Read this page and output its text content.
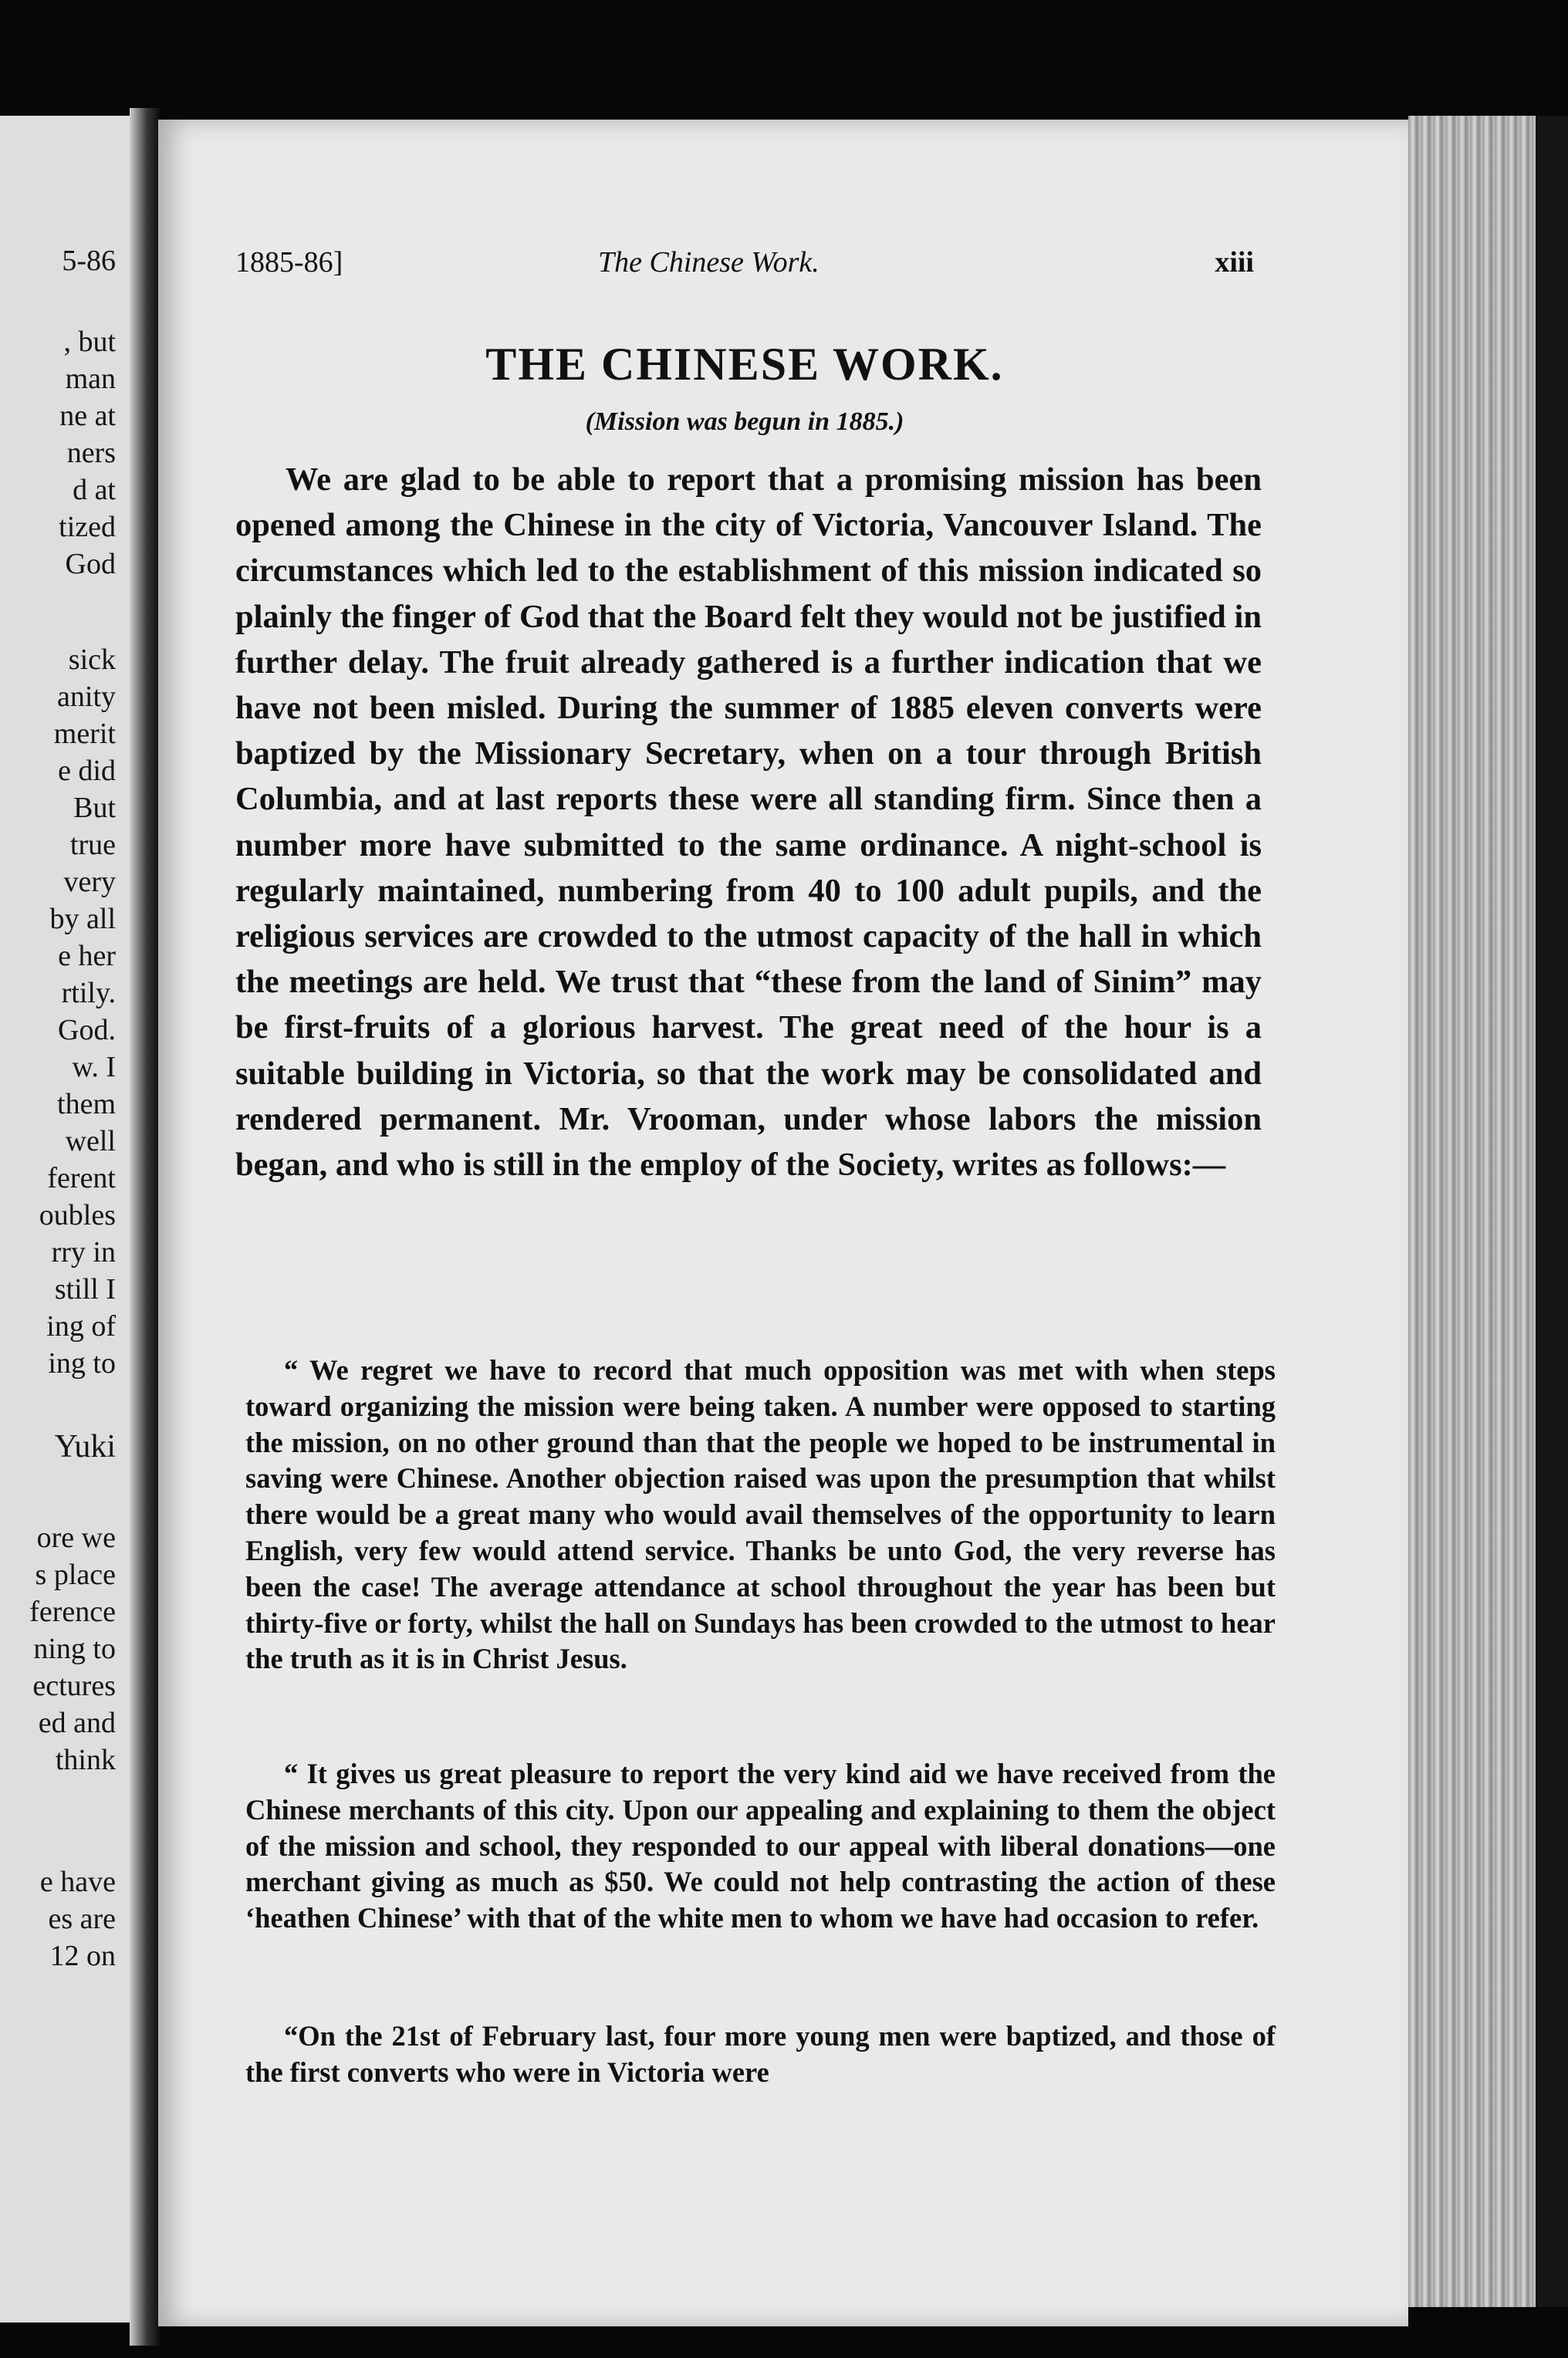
5-86
, but
man
ne at
ners
d at
tized
God
sick
anity
merit
e did
But
true
very
by all
e her
rtily.
God.
w. I
them
well
ferent
oubles
rry in
still I
ing of
ing to
Yuki
ore we
s place
ference
ning to
ectures
ed and
think
e have
es are
12 on
1885-86]	The Chinese Work.	xiii
THE CHINESE WORK.
(Mission was begun in 1885.)

We are glad to be able to report that a promising mission has been opened among the Chinese in the city of Victoria, Vancouver Island. The circumstances which led to the establishment of this mission indicated so plainly the finger of God that the Board felt they would not be justified in further delay. The fruit already gathered is a further indication that we have not been misled. During the summer of 1885 eleven converts were baptized by the Missionary Secretary, when on a tour through British Columbia, and at last reports these were all standing firm. Since then a number more have submitted to the same ordinance. A night-school is regularly maintained, numbering from 40 to 100 adult pupils, and the religious services are crowded to the utmost capacity of the hall in which the meetings are held. We trust that “these from the land of Sinim” may be first-fruits of a glorious harvest. The great need of the hour is a suitable building in Victoria, so that the work may be consolidated and rendered permanent. Mr. Vrooman, under whose labors the mission began, and who is still in the employ of the Society, writes as follows:—

“ We regret we have to record that much opposition was met with when steps toward organizing the mission were being taken. A number were opposed to starting the mission, on no other ground than that the people we hoped to be instrumental in saving were Chinese. Another objection raised was upon the presumption that whilst there would be a great many who would avail themselves of the opportunity to learn English, very few would attend service. Thanks be unto God, the very reverse has been the case! The average attendance at school throughout the year has been but thirty-five or forty, whilst the hall on Sundays has been crowded to the utmost to hear the truth as it is in Christ Jesus.

“ It gives us great pleasure to report the very kind aid we have received from the Chinese merchants of this city. Upon our appealing and explaining to them the object of the mission and school, they responded to our appeal with liberal donations—one merchant giving as much as $50. We could not help contrasting the action of these ‘heathen Chinese’ with that of the white men to whom we have had occasion to refer.

“On the 21st of February last, four more young men were baptized, and those of the first converts who were in Victoria were
